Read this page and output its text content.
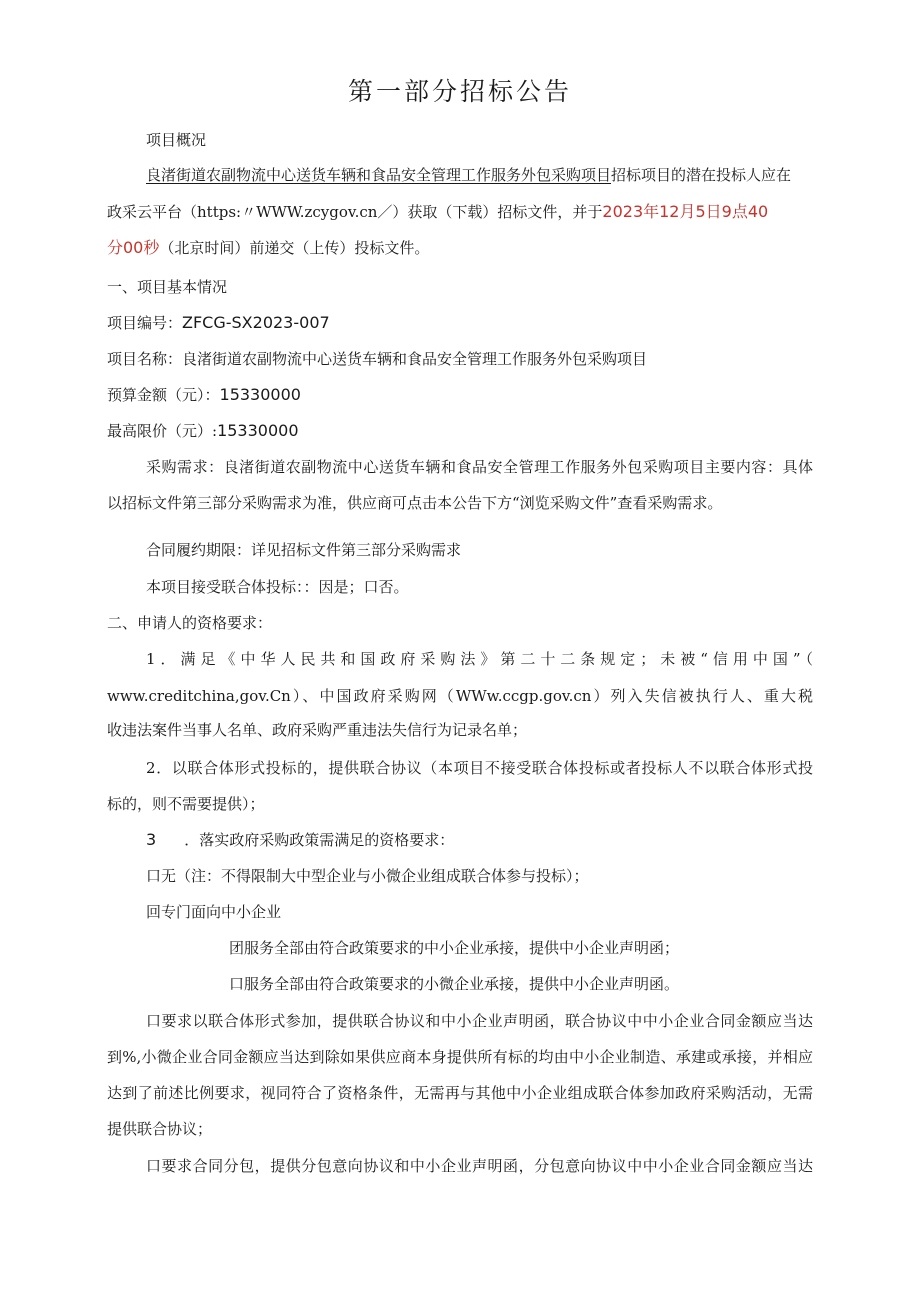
第一部分招标公告
项目概况
良渚街道农副物流中心送货车辆和食品安全管理工作服务外包采购项目招标项目的潜在投标人应在
政采云平台（https:〃WWW.zcygov.cn／）获取（下载）招标文件，并于2023年12月5日9点40
分00秒（北京时间）前递交（上传）投标文件。
一、项目基本情况
项目编号：ZFCG-SX2023-007
项目名称：良渚街道农副物流中心送货车辆和食品安全管理工作服务外包采购项目
预算金额（元）：15330000
最高限价（元）:15330000
采购需求：良渚街道农副物流中心送货车辆和食品安全管理工作服务外包采购项目主要内容：具体
以招标文件第三部分采购需求为准，供应商可点击本公告下方“浏览采购文件”查看采购需求。
合同履约期限：详见招标文件第三部分采购需求
本项目接受联合体投标：：因是；口否。
二、申请人的资格要求：
1．满足《中华人民共和国政府采购法》第二十二条规定；未被“信用中国”（
www.creditchina,gov.Cn）、中国政府采购网（WWw.ccgp.gov.cn）列入失信被执行人、重大税
收违法案件当事人名单、政府采购严重违法失信行为记录名单；
2．以联合体形式投标的，提供联合协议（本项目不接受联合体投标或者投标人不以联合体形式投
标的，则不需要提供）；
3 ．落实政府采购政策需满足的资格要求：
口无（注：不得限制大中型企业与小微企业组成联合体参与投标）；
回专门面向中小企业
团服务全部由符合政策要求的中小企业承接，提供中小企业声明函；
口服务全部由符合政策要求的小微企业承接，提供中小企业声明函。
口要求以联合体形式参加，提供联合协议和中小企业声明函，联合协议中中小企业合同金额应当达
到%,小微企业合同金额应当达到除如果供应商本身提供所有标的均由中小企业制造、承建或承接，并相应
达到了前述比例要求，视同符合了资格条件，无需再与其他中小企业组成联合体参加政府采购活动，无需
提供联合协议；
口要求合同分包，提供分包意向协议和中小企业声明函，分包意向协议中中小企业合同金额应当达
